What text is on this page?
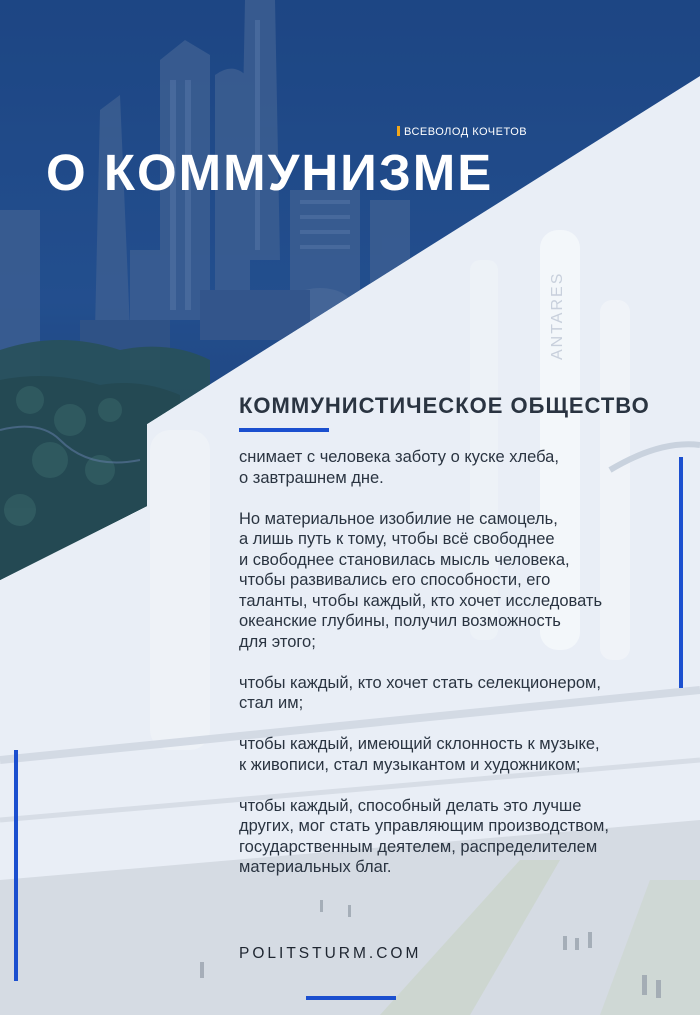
ANTARES
ВСЕВОЛОД КОЧЕТОВ
О КОММУНИЗМЕ
КОММУНИСТИЧЕСКОЕ ОБЩЕСТВО

снимает с человека заботу о куске хлеба,
о завтрашнем дне.

Но материальное изобилие не самоцель,
а лишь путь к тому, чтобы всё свободнее
и свободнее становилась мысль человека,
чтобы развивались его способности, его
таланты, чтобы каждый, кто хочет исследовать
океанские глубины, получил возможность
для этого;

чтобы каждый, кто хочет стать селекционером,
стал им;

чтобы каждый, имеющий склонность к музыке,
к живописи, стал музыкантом и художником;

чтобы каждый, способный делать это лучше
других, мог стать управляющим производством,
государственным деятелем, распределителем
материальных благ.

POLITSTURM.COM
